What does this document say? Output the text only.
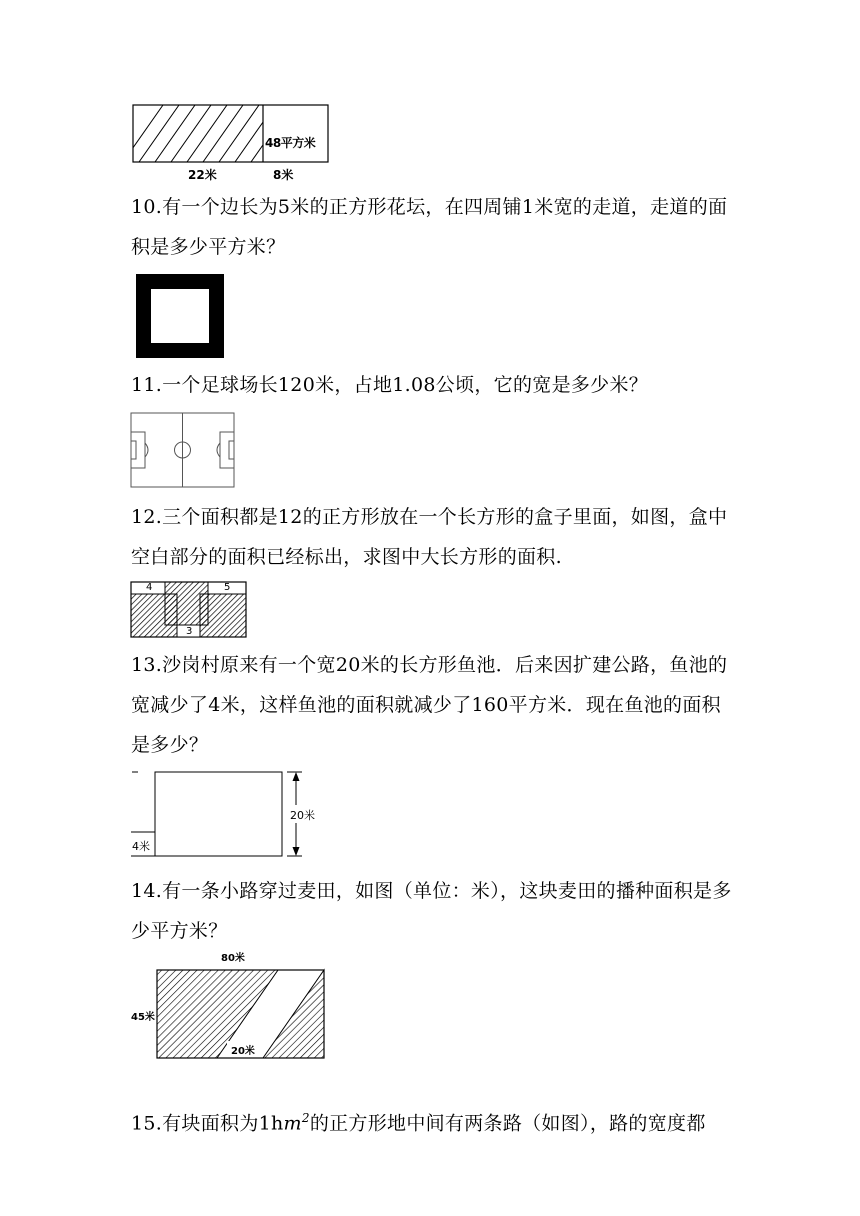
48平方米
22米	8米
10.有一个边长为5米的正方形花坛，在四周铺1米宽的走道，走道的面积是多少平方米？
11.一个足球场长120米，占地1.08公顷，它的宽是多少米？
12.三个面积都是12的正方形放在一个长方形的盒子里面，如图，盒中空白部分的面积已经标出，求图中大长方形的面积.
4	5
3
13.沙岗村原来有一个宽20米的长方形鱼池．后来因扩建公路，鱼池的宽减少了4米，这样鱼池的面积就减少了160平方米．现在鱼池的面积是多少？
20米
4米
14.有一条小路穿过麦田，如图（单位：米），这块麦田的播种面积是多少平方米？
80米
45米
20米
15.有块面积为$1hm^2$的正方形地中间有两条路（如图），路的宽度都
